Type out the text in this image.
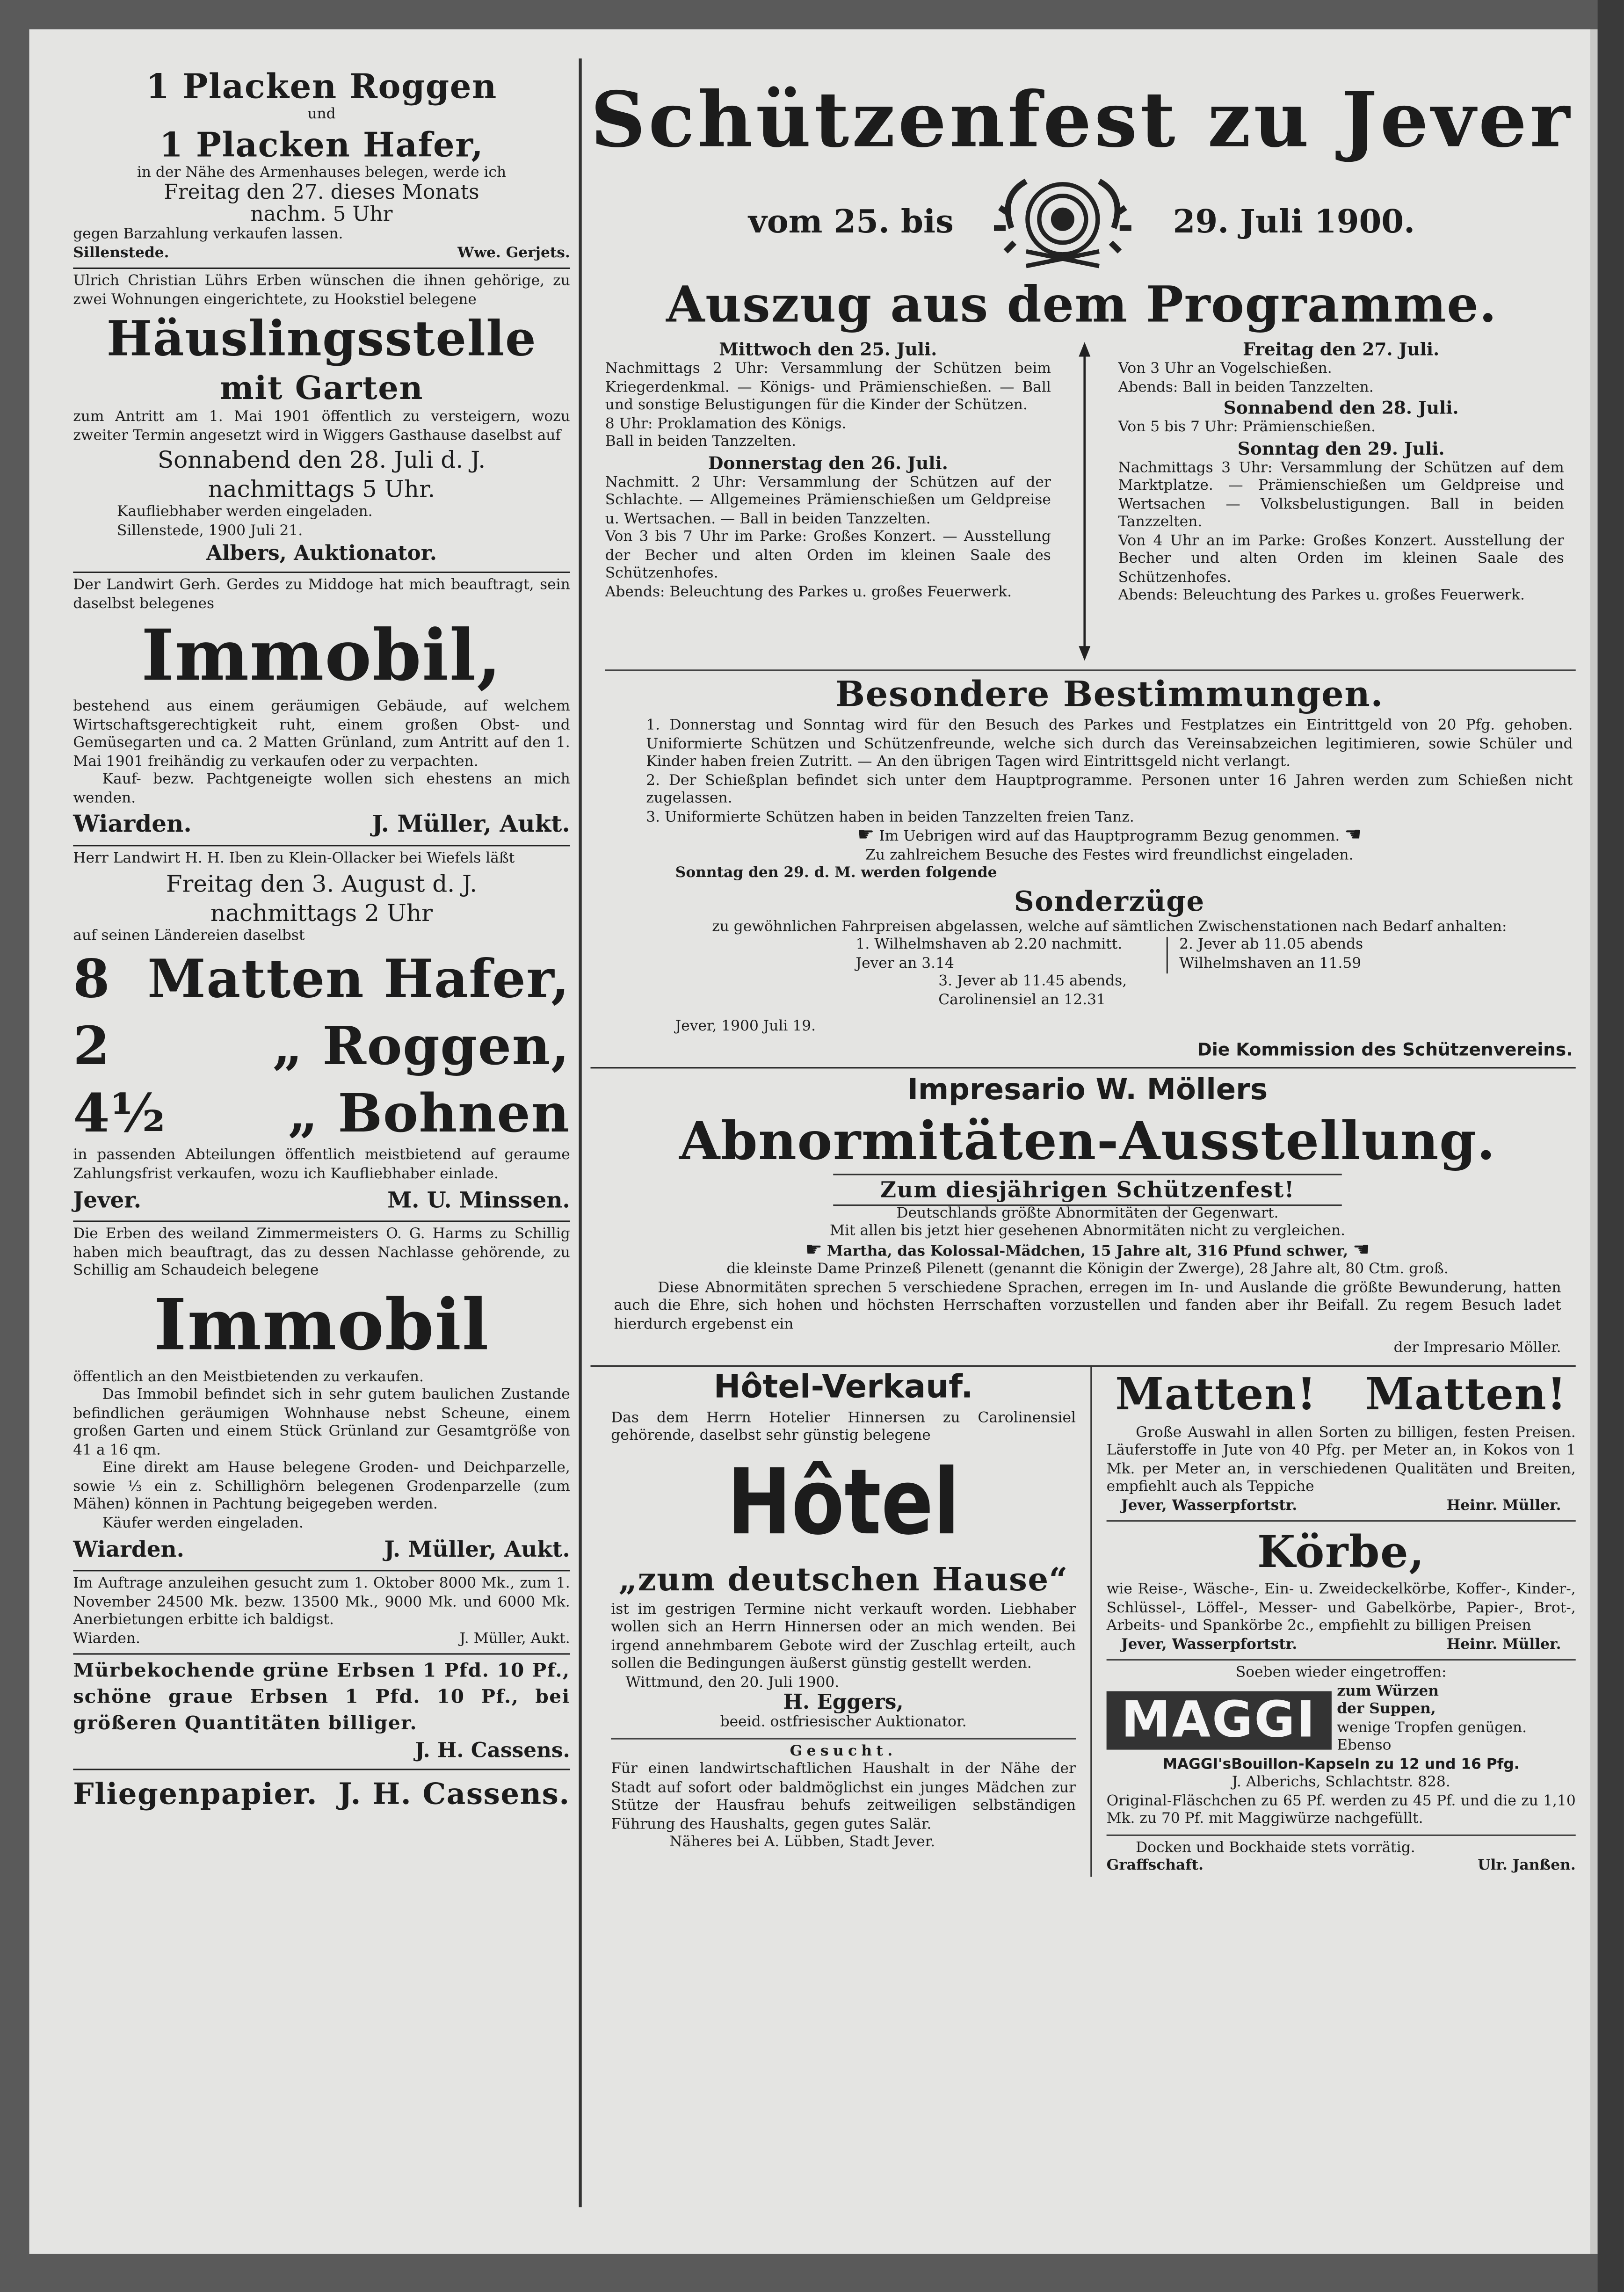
1 Placken Roggen
und
1 Placken Hafer,
in der Nähe des Armenhauses belegen, werde ich
Freitag den 27. dieses Monats
nachm. 5 Uhr
gegen Barzahlung verkaufen lassen.
Sillenstede.	Wwe. Gerjets.
Ulrich Christian Lührs Erben wünschen die ihnen gehörige, zu zwei Wohnungen eingerichtete, zu Hookstiel belegene
Häuslingsstelle
mit Garten
zum Antritt am 1. Mai 1901 öffentlich zu versteigern, wozu zweiter Termin angesetzt wird in Wiggers Gasthause daselbst auf
Sonnabend den 28. Juli d. J.
nachmittags 5 Uhr.
Kaufliebhaber werden eingeladen.
Sillenstede, 1900 Juli 21.
Albers, Auktionator.
Der Landwirt Gerh. Gerdes zu Middoge hat mich beauftragt, sein daselbst belegenes
Immobil,
bestehend aus einem geräumigen Gebäude, auf welchem Wirtschaftsgerechtigkeit ruht, einem großen Obst- und Gemüsegarten und ca. 2 Matten Grünland, zum Antritt auf den 1. Mai 1901 freihändig zu verkaufen oder zu verpachten.
Kauf- bezw. Pachtgeneigte wollen sich ehestens an mich wenden.
Wiarden.	J. Müller, Aukt.
Herr Landwirt H. H. Iben zu Klein-Ollacker bei Wiefels läßt
Freitag den 3. August d. J.
nachmittags 2 Uhr
auf seinen Ländereien daselbst
8 Matten Hafer,
2	„ Roggen,
4½	„ Bohnen
in passenden Abteilungen öffentlich meistbietend auf geraume Zahlungsfrist verkaufen, wozu ich Kaufliebhaber einlade.
Jever.	M. U. Minssen.
Die Erben des weiland Zimmermeisters O. G. Harms zu Schillig haben mich beauftragt, das zu dessen Nachlasse gehörende, zu Schillig am Schaudeich belegene
Immobil
öffentlich an den Meistbietenden zu verkaufen.
Das Immobil befindet sich in sehr gutem baulichen Zustande befindlichen geräumigen Wohnhause nebst Scheune, einem großen Garten und einem Stück Grünland zur Gesamtgröße von 41 a 16 qm.
Eine direkt am Hause belegene Groden- und Deichparzelle, sowie ⅓ ein z. Schillighörn belegenen Grodenparzelle (zum Mähen) können in Pachtung beigegeben werden.
Käufer werden eingeladen.
Wiarden.	J. Müller, Aukt.
Im Auftrage anzuleihen gesucht zum 1. Oktober 8000 Mk., zum 1. November 24500 Mk. bezw. 13500 Mk., 9000 Mk. und 6000 Mk. Anerbietungen erbitte ich baldigst.
Wiarden.	J. Müller, Aukt.
Mürbekochende grüne Erbsen 1 Pfd. 10 Pf., schöne graue Erbsen 1 Pfd. 10 Pf., bei größeren Quantitäten billiger.
J. H. Cassens.
Fliegenpapier. J. H. Cassens.
Schützenfest zu Jever
vom 25. bis	29. Juli 1900.
Auszug aus dem Programme.
Mittwoch den 25. Juli.
Nachmittags 2 Uhr: Versammlung der Schützen beim Kriegerdenkmal. — Königs- und Prämienschießen. — Ball und sonstige Belustigungen für die Kinder der Schützen.
8 Uhr: Proklamation des Königs.
Ball in beiden Tanzzelten.
Donnerstag den 26. Juli.
Nachmitt. 2 Uhr: Versammlung der Schützen auf der Schlachte. — Allgemeines Prämienschießen um Geldpreise u. Wertsachen. — Ball in beiden Tanzzelten.
Von 3 bis 7 Uhr im Parke: Großes Konzert. — Ausstellung der Becher und alten Orden im kleinen Saale des Schützenhofes.
Abends: Beleuchtung des Parkes u. großes Feuerwerk.
Freitag den 27. Juli.
Von 3 Uhr an Vogelschießen.
Abends: Ball in beiden Tanzzelten.
Sonnabend den 28. Juli.
Von 5 bis 7 Uhr: Prämienschießen.
Sonntag den 29. Juli.
Nachmittags 3 Uhr: Versammlung der Schützen auf dem Marktplatze. — Prämienschießen um Geldpreise und Wertsachen — Volksbelustigungen. Ball in beiden Tanzzelten.
Von 4 Uhr an im Parke: Großes Konzert. Ausstellung der Becher und alten Orden im kleinen Saale des Schützenhofes.
Abends: Beleuchtung des Parkes u. großes Feuerwerk.
Besondere Bestimmungen.
1. Donnerstag und Sonntag wird für den Besuch des Parkes und Festplatzes ein Eintrittgeld von 20 Pfg. gehoben. Uniformierte Schützen und Schützenfreunde, welche sich durch das Vereinsabzeichen legitimieren, sowie Schüler und Kinder haben freien Zutritt. — An den übrigen Tagen wird Eintrittsgeld nicht verlangt.
2. Der Schießplan befindet sich unter dem Hauptprogramme. Personen unter 16 Jahren werden zum Schießen nicht zugelassen.
3. Uniformierte Schützen haben in beiden Tanzzelten freien Tanz.
☛ Im Uebrigen wird auf das Hauptprogramm Bezug genommen. ☚
Zu zahlreichem Besuche des Festes wird freundlichst eingeladen.
Sonntag den 29. d. M. werden folgende
Sonderzüge
zu gewöhnlichen Fahrpreisen abgelassen, welche auf sämtlichen Zwischenstationen nach Bedarf anhalten:
1. Wilhelmshaven ab 2.20 nachmitt.
Jever an 3.14
2. Jever ab 11.05 abends
Wilhelmshaven an 11.59
3. Jever ab 11.45 abends,
Carolinensiel an 12.31
Jever, 1900 Juli 19.
Die Kommission des Schützenvereins.
Impresario W. Möllers
Abnormitäten-Ausstellung.
Zum diesjährigen Schützenfest!
Deutschlands größte Abnormitäten der Gegenwart.
Mit allen bis jetzt hier gesehenen Abnormitäten nicht zu vergleichen.
☛ Martha, das Kolossal-Mädchen, 15 Jahre alt, 316 Pfund schwer, ☚
die kleinste Dame Prinzeß Pilenett (genannt die Königin der Zwerge), 28 Jahre alt, 80 Ctm. groß.
Diese Abnormitäten sprechen 5 verschiedene Sprachen, erregen im In- und Auslande die größte Bewunderung, hatten auch die Ehre, sich hohen und höchsten Herrschaften vorzustellen und fanden aber ihr Beifall. Zu regem Besuch ladet hierdurch ergebenst ein
der Impresario Möller.
Hôtel-Verkauf.
Das dem Herrn Hotelier Hinnersen zu Carolinensiel gehörende, daselbst sehr günstig belegene
Hôtel
„zum deutschen Hause“
ist im gestrigen Termine nicht verkauft worden. Liebhaber wollen sich an Herrn Hinnersen oder an mich wenden. Bei irgend annehmbarem Gebote wird der Zuschlag erteilt, auch sollen die Bedingungen äußerst günstig gestellt werden.
Wittmund, den 20. Juli 1900.
H. Eggers,
beeid. ostfriesischer Auktionator.
Gesucht.
Für einen landwirtschaftlichen Haushalt in der Nähe der Stadt auf sofort oder baldmöglichst ein junges Mädchen zur Stütze der Hausfrau behufs zeitweiligen selbständigen Führung des Haushalts, gegen gutes Salär.
Näheres bei A. Lübben, Stadt Jever.
Matten!	Matten!
Große Auswahl in allen Sorten zu billigen, festen Preisen. Läuferstoffe in Jute von 40 Pfg. per Meter an, in Kokos von 1 Mk. per Meter an, in verschiedenen Qualitäten und Breiten, empfiehlt auch als Teppiche
Jever, Wasserpfortstr.	Heinr. Müller.
Körbe,
wie Reise-, Wäsche-, Ein- u. Zweideckelkörbe, Koffer-, Kinder-, Schlüssel-, Löffel-, Messer- und Gabelkörbe, Papier-, Brot-, Arbeits- und Spankörbe 2c., empfiehlt zu billigen Preisen
Jever, Wasserpfortstr.	Heinr. Müller.
Soeben wieder eingetroffen:
MAGGI	zum Würzen
der Suppen,
wenige Tropfen genügen.
Ebenso
MAGGI'sBouillon-Kapseln zu 12 und 16 Pfg.
J. Alberichs, Schlachtstr. 828.
Original-Fläschchen zu 65 Pf. werden zu 45 Pf. und die zu 1,10 Mk. zu 70 Pf. mit Maggiwürze nachgefüllt.
Docken und Bockhaide stets vorrätig.
Graffschaft.	Ulr. Janßen.
